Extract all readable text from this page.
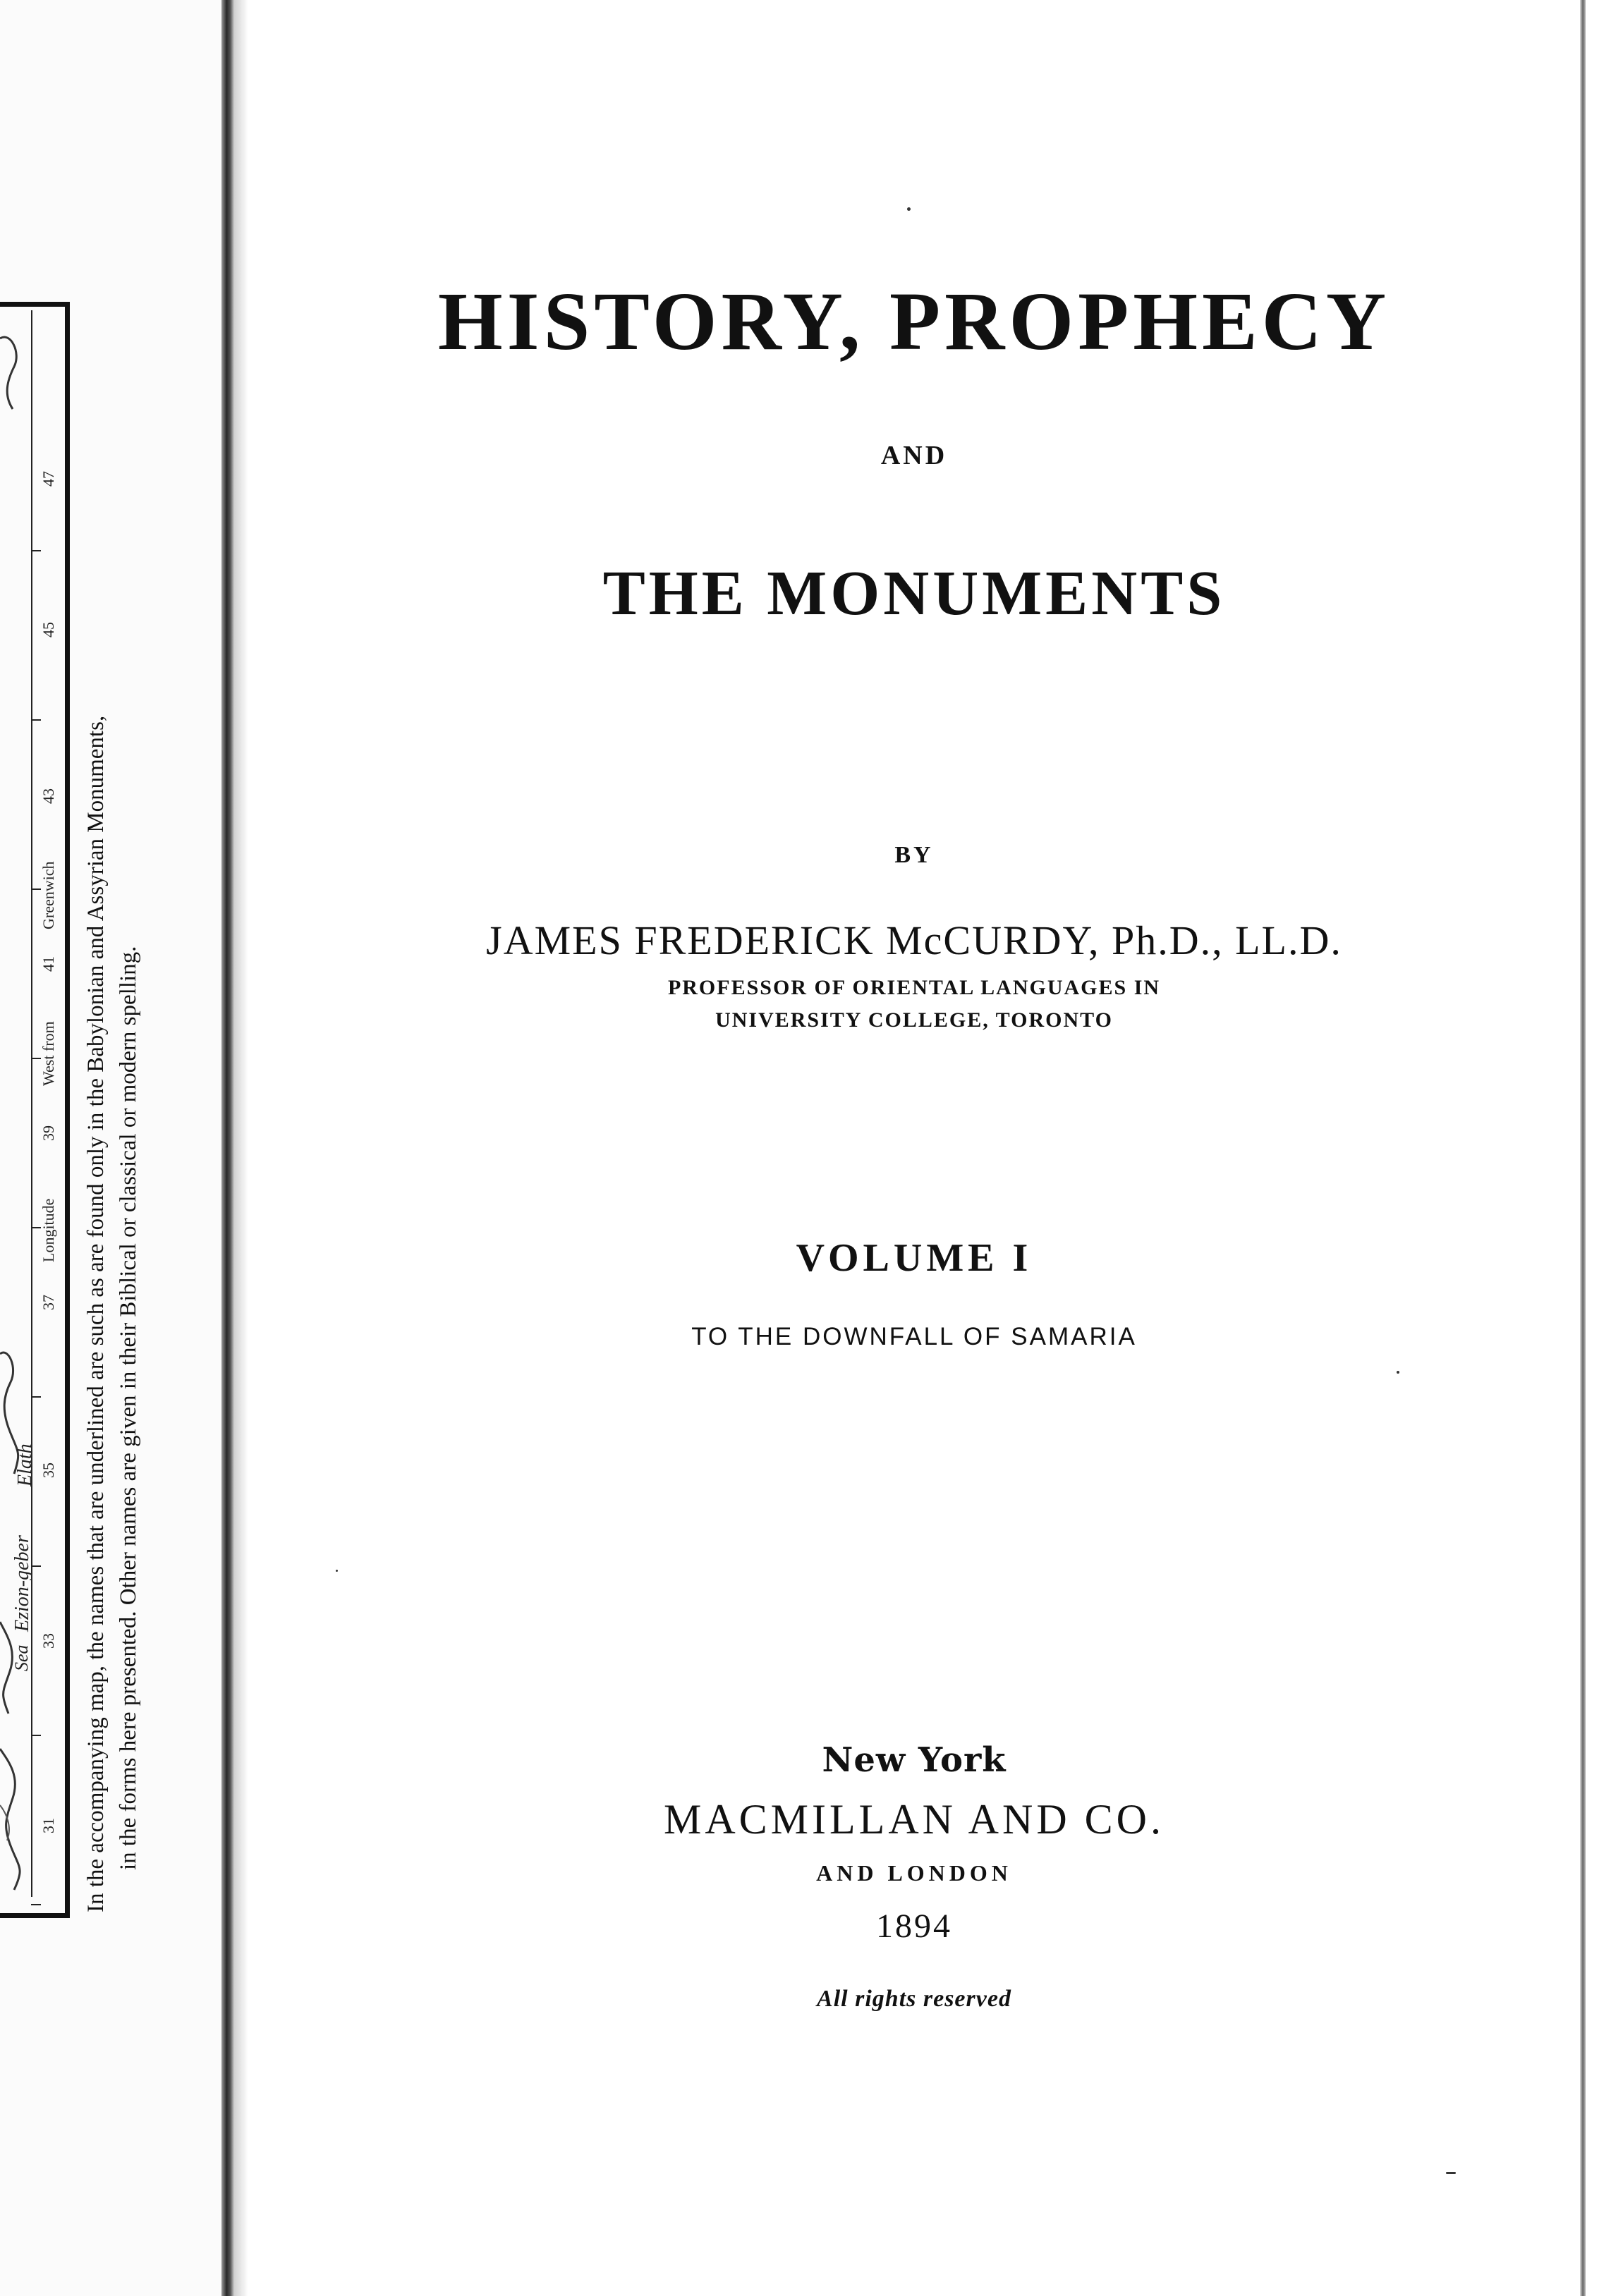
31
33
35
37
39
41
43
45
47
Longitude
West from
Greenwich
Ezion-geber
Elath
Sea In the accompanying map, the names that are underlined are such as are found only in the Babylonian and Assyrian Monuments, in the forms here presented. Other names are given in their Biblical or classical or modern spelling.
HISTORY, PROPHECY
AND
THE MONUMENTS
BY
JAMES FREDERICK McCURDY, Ph.D., LL.D.
PROFESSOR OF ORIENTAL LANGUAGES IN
UNIVERSITY COLLEGE, TORONTO
VOLUME I
TO THE DOWNFALL OF SAMARIA
New York
MACMILLAN AND CO.
AND LONDON
1894
All rights reserved
